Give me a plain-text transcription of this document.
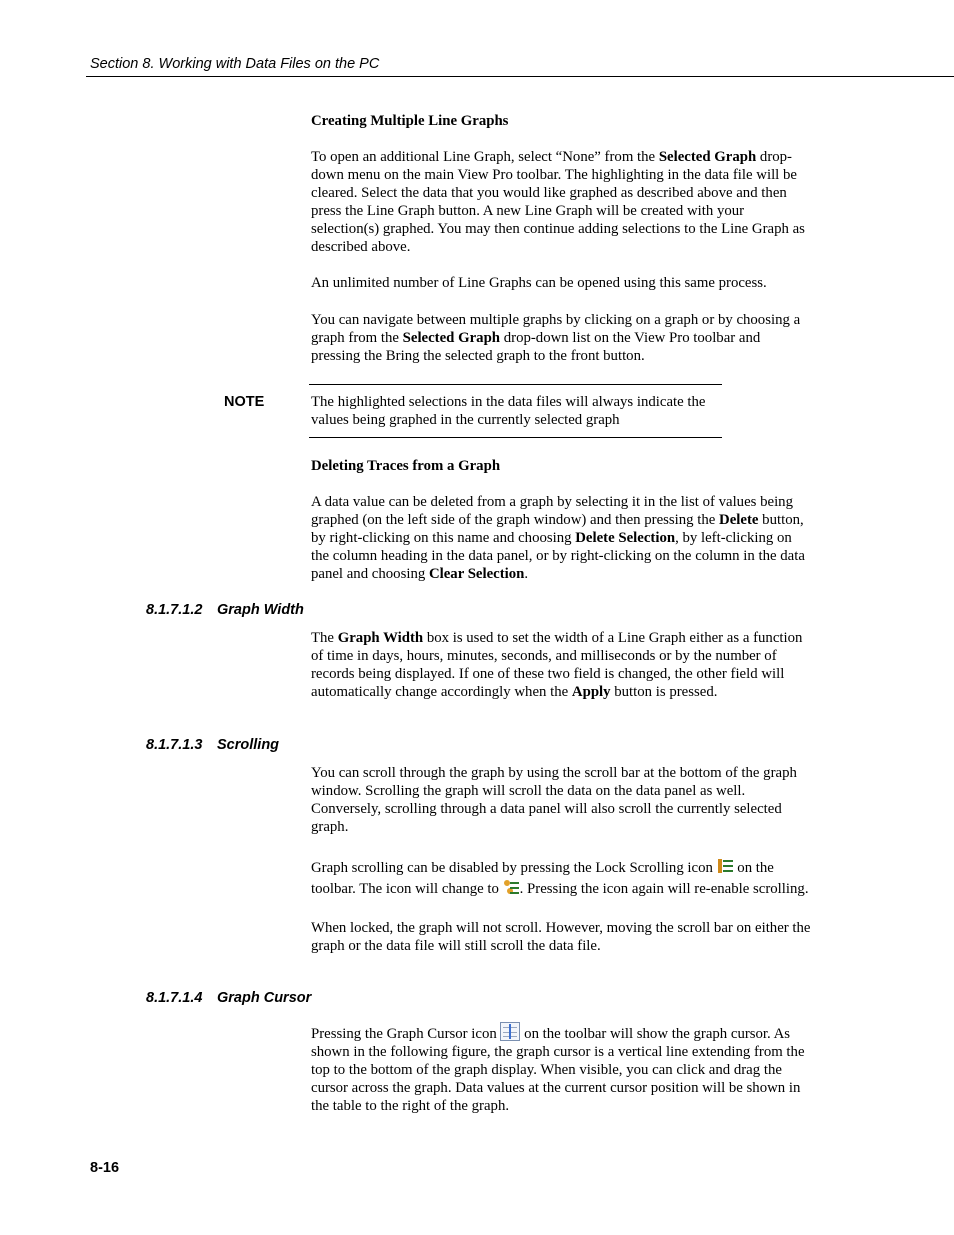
Section 8. Working with Data Files on the PC

Creating Multiple Line Graphs

To open an additional Line Graph, select “None” from the Selected Graph drop-down menu on the main View Pro toolbar. The highlighting in the data file will be cleared. Select the data that you would like graphed as described above and then press the Line Graph button. A new Line Graph will be created with your selection(s) graphed. You may then continue adding selections to the Line Graph as described above.

An unlimited number of Line Graphs can be opened using this same process.

You can navigate between multiple graphs by clicking on a graph or by choosing a graph from the Selected Graph drop-down list on the View Pro toolbar and pressing the Bring the selected graph to the front button.

NOTE	The highlighted selections in the data files will always indicate the values being graphed in the currently selected graph

Deleting Traces from a Graph

A data value can be deleted from a graph by selecting it in the list of values being graphed (on the left side of the graph window) and then pressing the Delete button, by right-clicking on this name and choosing Delete Selection, by left-clicking on the column heading in the data panel, or by right-clicking on the column in the data panel and choosing Clear Selection.

8.1.7.1.2 Graph Width

The Graph Width box is used to set the width of a Line Graph either as a function of time in days, hours, minutes, seconds, and milliseconds or by the number of records being displayed. If one of these two field is changed, the other field will automatically change accordingly when the Apply button is pressed.

8.1.7.1.3 Scrolling

You can scroll through the graph by using the scroll bar at the bottom of the graph window. Scrolling the graph will scroll the data on the data panel as well. Conversely, scrolling through a data panel will also scroll the currently selected graph.

Graph scrolling can be disabled by pressing the Lock Scrolling icon
on the toolbar. The icon will change to
. Pressing the icon again will re-enable scrolling.

When locked, the graph will not scroll. However, moving the scroll bar on either the graph or the data file will still scroll the data file.

8.1.7.1.4 Graph Cursor

Pressing the Graph Cursor icon
on the toolbar will show the graph cursor. As shown in the following figure, the graph cursor is a vertical line extending from the top to the bottom of the graph display. When visible, you can click and drag the cursor across the graph. Data values at the current cursor position will be shown in the table to the right of the graph.

8-16
